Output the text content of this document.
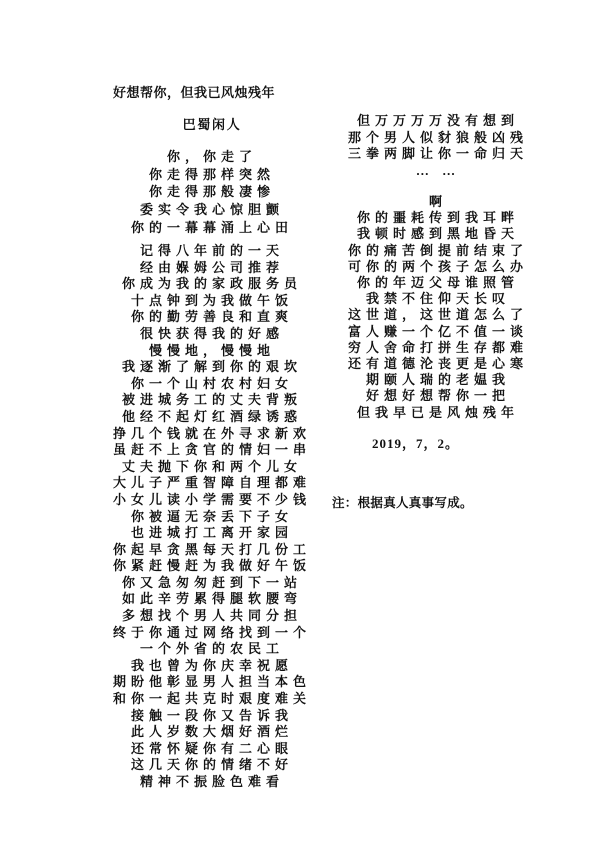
好想帮你，但我已风烛残年
巴蜀闲人
你，你走了
你走得那样突然
你走得那般凄惨
委实令我心惊胆颤
你的一幕幕涌上心田
记得八年前的一天
经由媬姆公司推荐
你成为我的家政服务员
十点钟到为我做午饭
你的勤劳善良和直爽
很快获得我的好感
慢慢地，慢慢地
我逐渐了解到你的艰坎
你一个山村农村妇女
被进城务工的丈夫背叛
他经不起灯红酒绿诱惑
挣几个钱就在外寻求新欢
虽赶不上贪官的情妇一串
丈夫抛下你和两个儿女
大儿子严重智障自理都难
小女儿读小学需要不少钱
你被逼无奈丢下子女
也进城打工离开家园
你起早贪黑每天打几份工
你紧赶慢赶为我做好午饭
你又急匆匆赶到下一站
如此辛劳累得腿软腰弯
多想找个男人共同分担
终于你通过网络找到一个
一个外省的农民工
我也曾为你庆幸祝愿
期盼他彰显男人担当本色
和你一起共克时艰度难关
接触一段你又告诉我
此人岁数大烟好酒烂
还常怀疑你有二心眼
这几天你的情绪不好
精神不振脸色难看
但万万万万没有想到
那个男人似豺狼般凶残
三拳两脚让你一命归天
… …
啊
你的噩耗传到我耳畔
我顿时感到黑地昏天
你的痛苦倒提前结束了
可你的两个孩子怎么办
你的年迈父母谁照管
我禁不住仰天长叹
这世道，这世道怎么了
富人赚一个亿不值一谈
穷人舍命打拼生存都难
还有道德沦丧更是心寒
期颐人瑞的老媪我
好想好想帮你一把
但我早已是风烛残年
2019，7，2。
注：根据真人真事写成。
